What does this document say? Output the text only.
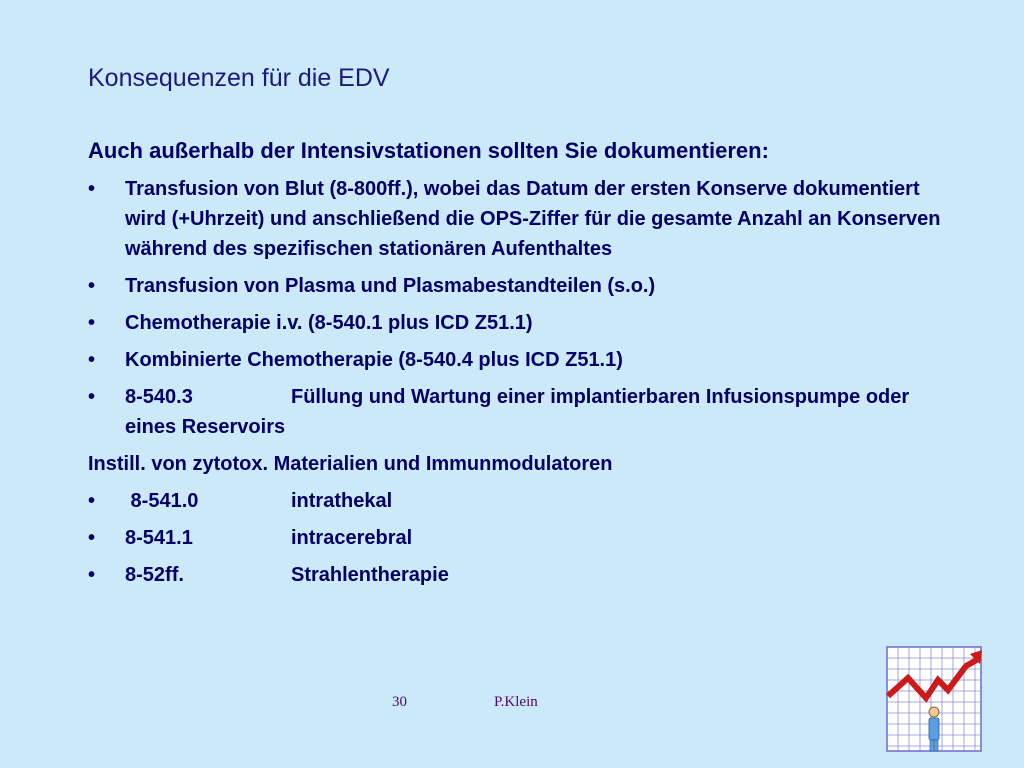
Konsequenzen für die EDV
Auch außerhalb der Intensivstationen sollten Sie dokumentieren:
•	Transfusion von Blut (8-800ff.), wobei das Datum der ersten Konserve dokumentiert wird (+Uhrzeit) und anschließend die OPS-Ziffer für die gesamte Anzahl an Konserven während des spezifischen stationären Aufenthaltes
•	Transfusion von Plasma und Plasmabestandteilen (s.o.)
•	Chemotherapie i.v. (8-540.1 plus ICD Z51.1)
•	Kombinierte Chemotherapie (8-540.4 plus ICD Z51.1)
•	8-540.3	Füllung und Wartung einer implantierbaren Infusionspumpe oder eines Reservoirs
Instill. von zytotox. Materialien und Immunmodulatoren
•	8-541.0	intrathekal
•	8-541.1	intracerebral
•	8-52ff.	Strahlentherapie
30	P.Klein
